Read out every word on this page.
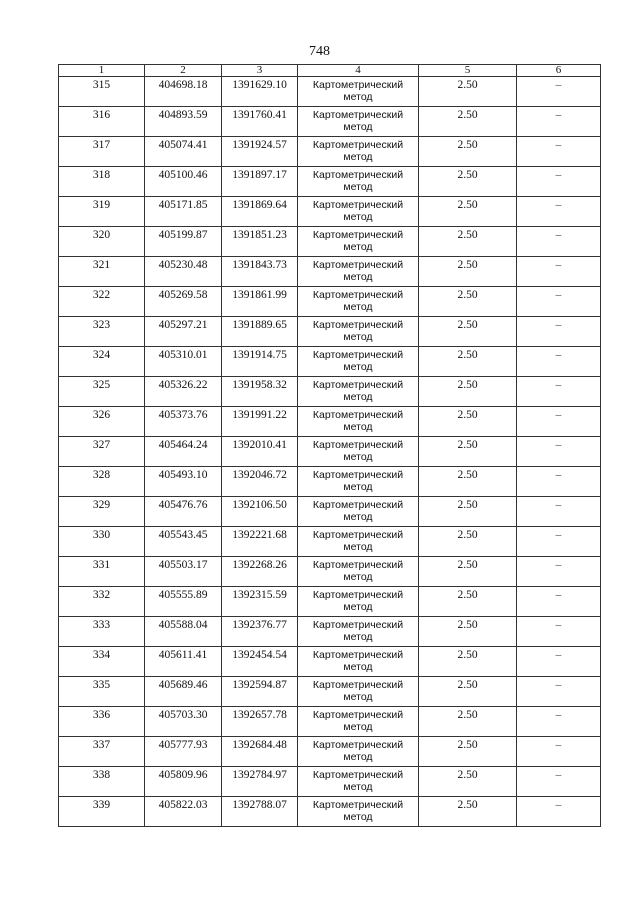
748
1	2	3	4	5	6

315	404698.18	1391629.10	Картометрический
метод	2.50	–

316	404893.59	1391760.41	Картометрический
метод	2.50	–

317	405074.41	1391924.57	Картометрический
метод	2.50	–

318	405100.46	1391897.17	Картометрический
метод	2.50	–

319	405171.85	1391869.64	Картометрический
метод	2.50	–

320	405199.87	1391851.23	Картометрический
метод	2.50	–

321	405230.48	1391843.73	Картометрический
метод	2.50	–

322	405269.58	1391861.99	Картометрический
метод	2.50	–

323	405297.21	1391889.65	Картометрический
метод	2.50	–

324	405310.01	1391914.75	Картометрический
метод	2.50	–

325	405326.22	1391958.32	Картометрический
метод	2.50	–

326	405373.76	1391991.22	Картометрический
метод	2.50	–

327	405464.24	1392010.41	Картометрический
метод	2.50	–

328	405493.10	1392046.72	Картометрический
метод	2.50	–

329	405476.76	1392106.50	Картометрический
метод	2.50	–

330	405543.45	1392221.68	Картометрический
метод	2.50	–

331	405503.17	1392268.26	Картометрический
метод	2.50	–

332	405555.89	1392315.59	Картометрический
метод	2.50	–

333	405588.04	1392376.77	Картометрический
метод	2.50	–

334	405611.41	1392454.54	Картометрический
метод	2.50	–

335	405689.46	1392594.87	Картометрический
метод	2.50	–

336	405703.30	1392657.78	Картометрический
метод	2.50	–

337	405777.93	1392684.48	Картометрический
метод	2.50	–

338	405809.96	1392784.97	Картометрический
метод	2.50	–

339	405822.03	1392788.07	Картометрический
метод	2.50	–
